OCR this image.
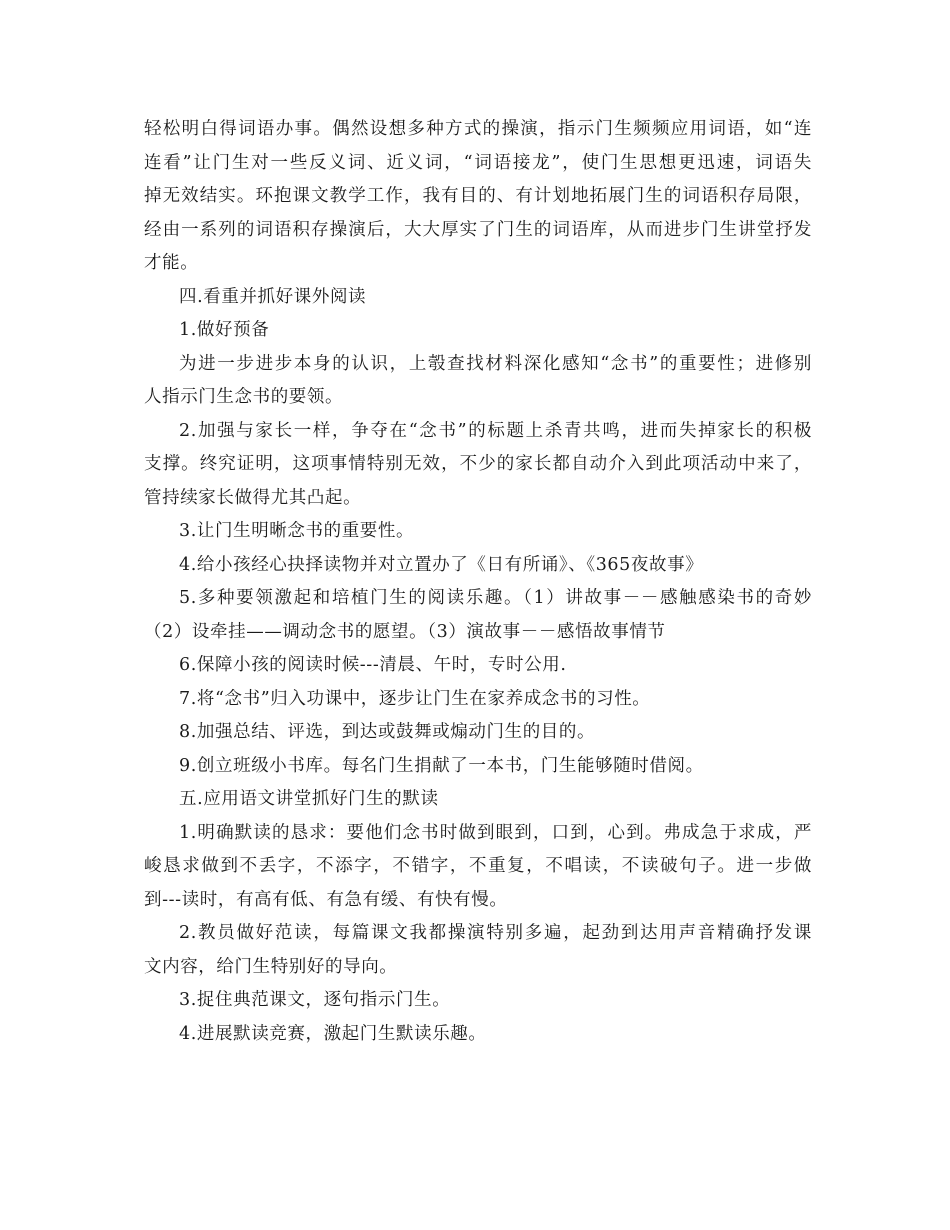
轻松明白得词语办事。偶然设想多种方式的操演，指示门生频频应用词语，如“连
连看”让门生对一些反义词、近义词，“词语接龙”，使门生思想更迅速，词语失
掉无效结实。环抱课文教学工作，我有目的、有计划地拓展门生的词语积存局限，
经由一系列的词语积存操演后，大大厚实了门生的词语库，从而进步门生讲堂抒发
才能。
四.看重并抓好课外阅读
1.做好预备
为进一步进步本身的认识，上彀查找材料深化感知“念书”的重要性；进修别
人指示门生念书的要领。
2.加强与家长一样，争夺在“念书”的标题上杀青共鸣，进而失掉家长的积极
支撑。终究证明，这项事情特别无效，不少的家长都自动介入到此项活动中来了，
管持续家长做得尤其凸起。
3.让门生明晰念书的重要性。
4.给小孩经心抉择读物并对立置办了《日有所诵》、《365夜故事》
5.多种要领激起和培植门生的阅读乐趣。（1）讲故事－－感触感染书的奇妙
（2）设牵挂——调动念书的愿望。（3）演故事－－感悟故事情节
6.保障小孩的阅读时候---清晨、午时，专时公用.
7.将“念书”归入功课中，逐步让门生在家养成念书的习性。
8.加强总结、评选，到达或鼓舞或煽动门生的目的。
9.创立班级小书库。每名门生捐献了一本书，门生能够随时借阅。
五.应用语文讲堂抓好门生的默读
1.明确默读的恳求：要他们念书时做到眼到，口到，心到。弗成急于求成，严
峻恳求做到不丢字，不添字，不错字，不重复，不唱读，不读破句子。进一步做
到---读时，有高有低、有急有缓、有快有慢。
2.教员做好范读，每篇课文我都操演特别多遍，起劲到达用声音精确抒发课
文内容，给门生特别好的导向。
3.捉住典范课文，逐句指示门生。
4.进展默读竞赛，激起门生默读乐趣。
